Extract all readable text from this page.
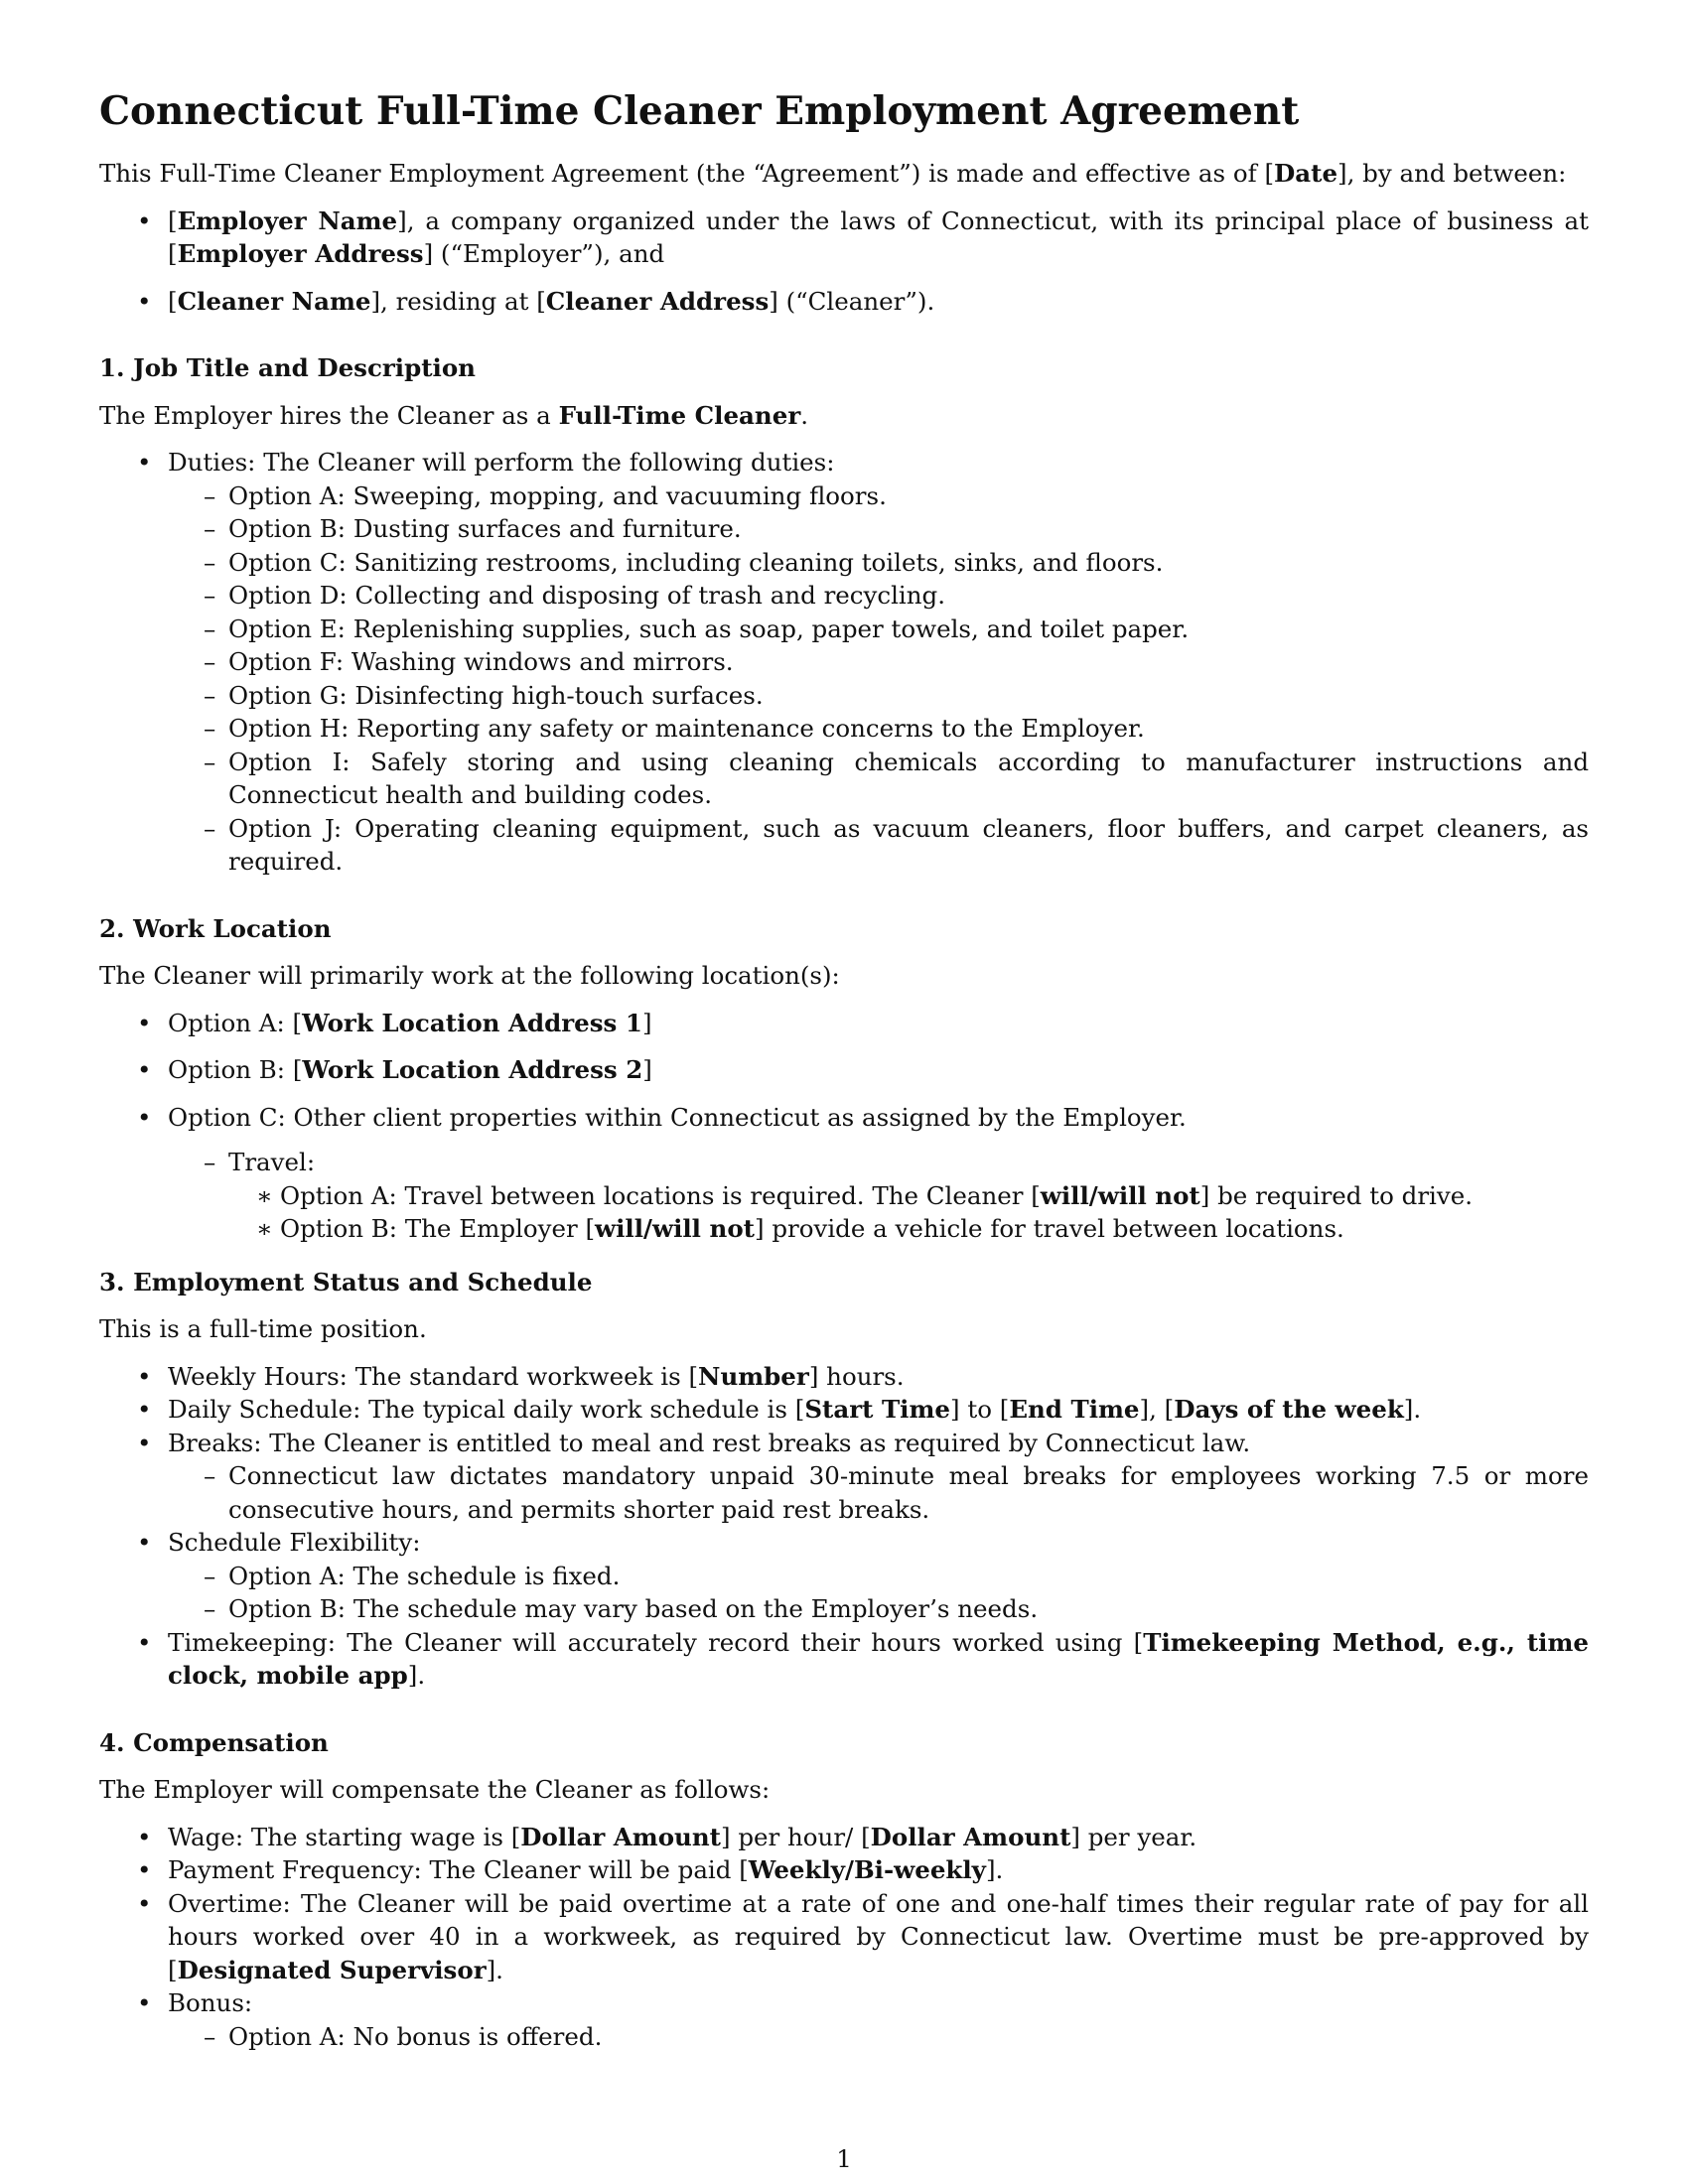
Connecticut Full-Time Cleaner Employment Agreement

This Full-Time Cleaner Employment Agreement (the “Agreement”) is made and effective as of [Date], by and between:

• [Employer Name], a company organized under the laws of Connecticut, with its principal place of business at [Employer Address] (“Employer”), and
• [Cleaner Name], residing at [Cleaner Address] (“Cleaner”).
1. Job Title and Description

The Employer hires the Cleaner as a Full-Time Cleaner.

• Duties: The Cleaner will perform the following duties:
– Option A: Sweeping, mopping, and vacuuming floors.
– Option B: Dusting surfaces and furniture.
– Option C: Sanitizing restrooms, including cleaning toilets, sinks, and floors.
– Option D: Collecting and disposing of trash and recycling.
– Option E: Replenishing supplies, such as soap, paper towels, and toilet paper.
– Option F: Washing windows and mirrors.
– Option G: Disinfecting high-touch surfaces.
– Option H: Reporting any safety or maintenance concerns to the Employer.
– Option I: Safely storing and using cleaning chemicals according to manufacturer instructions and Connecticut health and building codes.
– Option J: Operating cleaning equipment, such as vacuum cleaners, floor buffers, and carpet cleaners, as required.
2. Work Location

The Cleaner will primarily work at the following location(s):

• Option A: [Work Location Address 1]
• Option B: [Work Location Address 2]
• Option C: Other client properties within Connecticut as assigned by the Employer.
– Travel:
∗ Option A: Travel between locations is required. The Cleaner [will/will not] be required to drive.
∗ Option B: The Employer [will/will not] provide a vehicle for travel between locations.
3. Employment Status and Schedule

This is a full-time position.

• Weekly Hours: The standard workweek is [Number] hours.
• Daily Schedule: The typical daily work schedule is [Start Time] to [End Time], [Days of the week].
• Breaks: The Cleaner is entitled to meal and rest breaks as required by Connecticut law.
– Connecticut law dictates mandatory unpaid 30-minute meal breaks for employees working 7.5 or more consecutive hours, and permits shorter paid rest breaks.
• Schedule Flexibility:
– Option A: The schedule is fixed.
– Option B: The schedule may vary based on the Employer’s needs.
• Timekeeping: The Cleaner will accurately record their hours worked using [Timekeeping Method, e.g., time clock, mobile app].
4. Compensation

The Employer will compensate the Cleaner as follows:

• Wage: The starting wage is [Dollar Amount] per hour/ [Dollar Amount] per year.
• Payment Frequency: The Cleaner will be paid [Weekly/Bi-weekly].
• Overtime: The Cleaner will be paid overtime at a rate of one and one-half times their regular rate of pay for all hours worked over 40 in a workweek, as required by Connecticut law. Overtime must be pre-approved by [Designated Supervisor].
• Bonus:
– Option A: No bonus is offered.
1
